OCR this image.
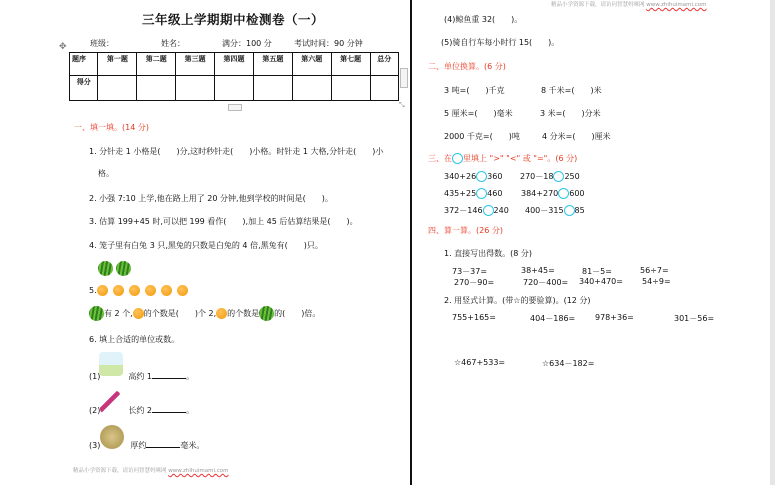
精品小学资源下载，请访问智慧妈咪网 www.zhihuimami.com
三年级上学期期中检测卷（一）
班级：	姓名：	满分：100 分	考试时间：90 分钟
✥
题序	第一题	第二题	第三题	第四题	第五题	第六题	第七题	总分
得分								
⤡
一、填一填。(14 分)
1. 分针走 1 小格是(　　)分,这时秒针走(　　)小格。时针走 1 大格,分针走(　　)小
格。
2. 小强 7:10 上学,他在路上用了 20 分钟,他到学校的时间是(　　)。
3. 估算 199+45 时,可以把 199 看作(　　),加上 45 后估算结果是(　　)。
4. 笼子里有白兔 3 只,黑兔的只数是白兔的 4 倍,黑兔有(　　)只。

5.
有 2 个, 的个数是(　　)个 2, 的个数是 的(　　)倍。
6. 填上合适的单位或数。
(1)	高约 1	。
(2)	长约 2	。
(3)	厚约	毫米。
精品小学资源下载，请访问智慧妈咪网 www.zhihuimami.com
(4)鲸鱼重 32(　　)。
(5)骑自行车每小时行 15(　　)。
二、单位换算。(6 分)
3 吨=(　　)千克	8 千米=(　　)米
5 厘米=(　　)毫米	3 米=(　　)分米
2000 千克=(　　)吨	4 分米=(　　)厘米
三、在 里填上 ">" "<" 或 "="。(6 分)
340+26 360 270－18 250
435+25 460 384+270 600
372－146 240 400－315 85
四、算一算。(26 分)
1. 直接写出得数。(8 分)
73－37=	38+45=	81－5=	56÷7=
270－90=	720－400= 340+470= 54÷9=
2. 用竖式计算。(带☆的要验算)。(12 分)
755+165=	404－186= 978+36=	301－56=
☆467+533=	☆634－182=
